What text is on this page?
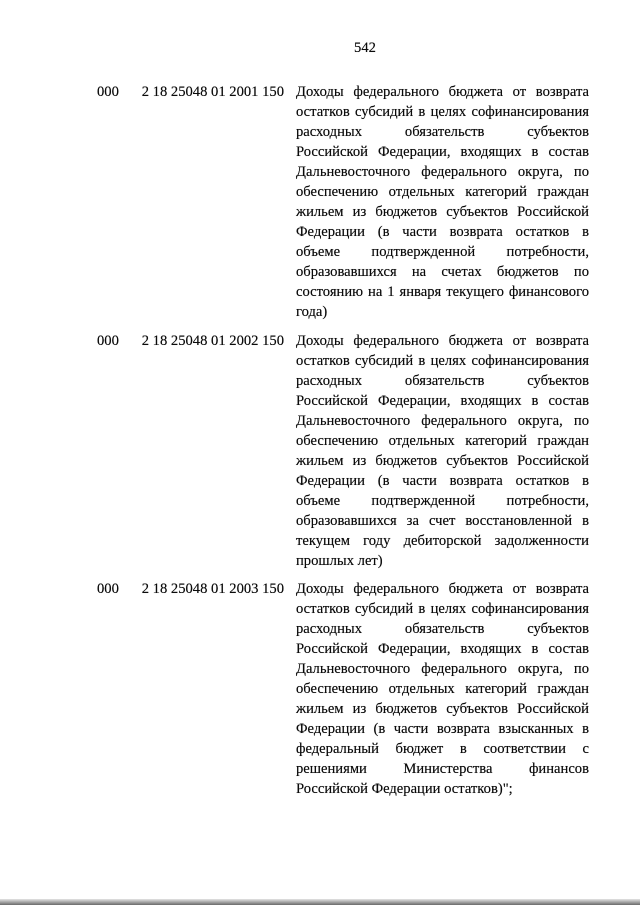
542
000	2 18 25048 01 2001 150 Доходы федерального бюджета от возврата
остатков субсидий в целях софинансирования
расходных обязательств субъектов
Российской Федерации, входящих в состав
Дальневосточного федерального округа, по
обеспечению отдельных категорий граждан
жильем из бюджетов субъектов Российской
Федерации (в части возврата остатков в
объеме подтвержденной потребности,
образовавшихся на счетах бюджетов по
состоянию на 1 января текущего финансового
года)
000	2 18 25048 01 2002 150 Доходы федерального бюджета от возврата
остатков субсидий в целях софинансирования
расходных обязательств субъектов
Российской Федерации, входящих в состав
Дальневосточного федерального округа, по
обеспечению отдельных категорий граждан
жильем из бюджетов субъектов Российской
Федерации (в части возврата остатков в
объеме подтвержденной потребности,
образовавшихся за счет восстановленной в
текущем году дебиторской задолженности
прошлых лет)
000	2 18 25048 01 2003 150 Доходы федерального бюджета от возврата
остатков субсидий в целях софинансирования
расходных обязательств субъектов
Российской Федерации, входящих в состав
Дальневосточного федерального округа, по
обеспечению отдельных категорий граждан
жильем из бюджетов субъектов Российской
Федерации (в части возврата взысканных в
федеральный бюджет в соответствии с
решениями Министерства финансов
Российской Федерации остатков)";
